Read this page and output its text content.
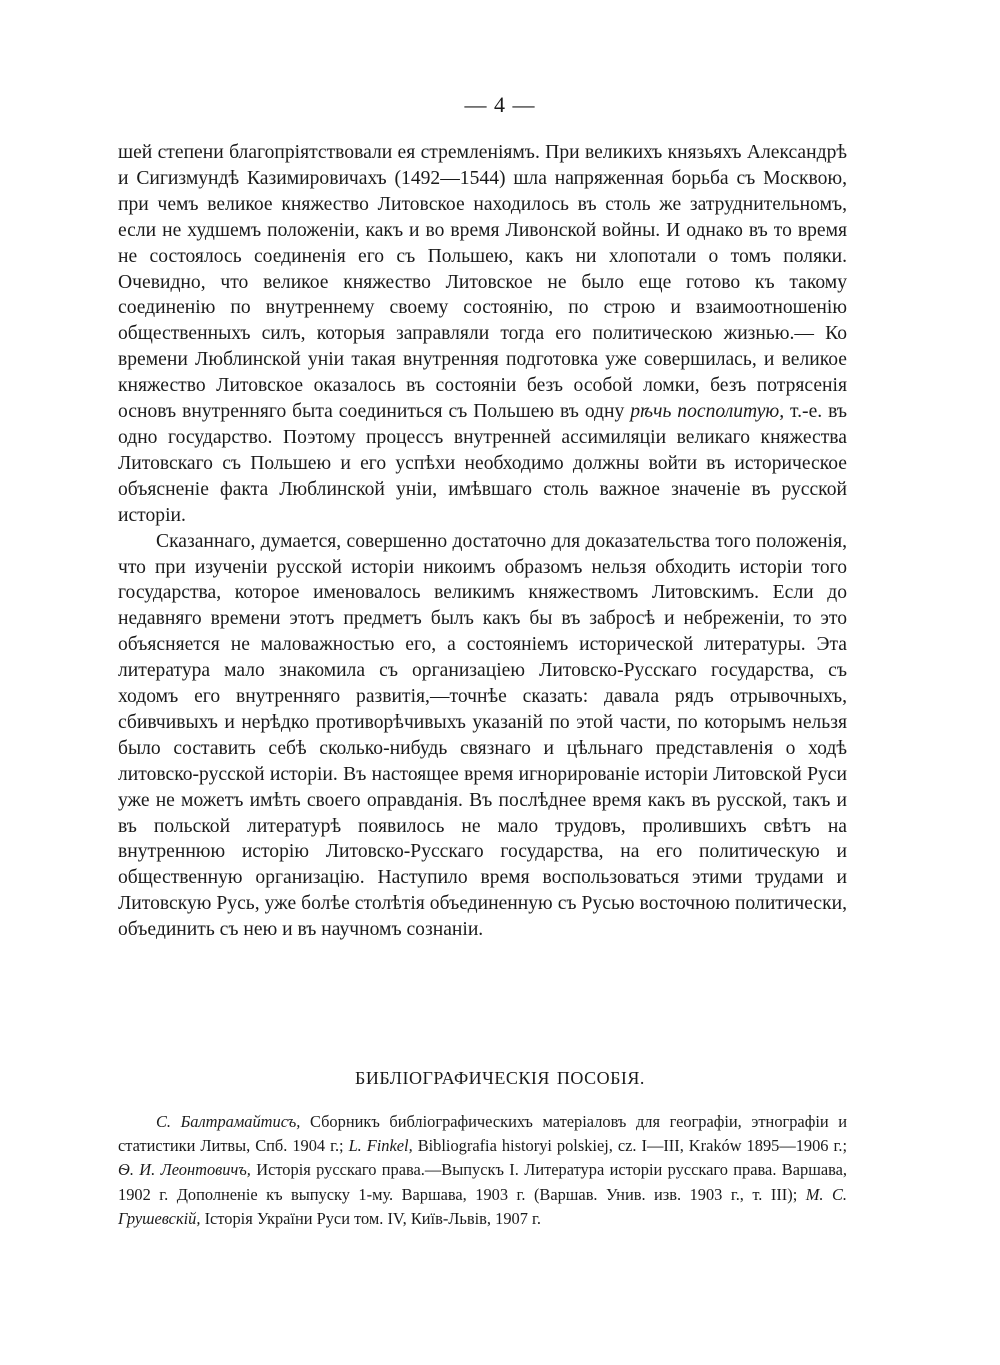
— 4 —

шей степени благопріятствовали ея стремленіямъ. При великихъ князьяхъ Александрѣ и Сигизмундѣ Казимировичахъ (1492—1544) шла напряженная борьба съ Москвою, при чемъ великое княжество Литовское находилось въ столь же затруднительномъ, если не худшемъ положеніи, какъ и во время Ливонской войны. И однако въ то время не состоялось соединенія его съ Польшею, какъ ни хлопотали о томъ поляки. Очевидно, что великое княжество Литовское не было еще готово къ такому соединенію по внутреннему своему состоянію, по строю и взаимоотношенію общественныхъ силъ, которыя заправляли тогда его политическою жизнью.— Ко времени Люблинской уніи такая внутренняя подготовка уже совершилась, и великое княжество Литовское оказалось въ состояніи безъ особой ломки, безъ потрясенія основъ внутренняго быта соединиться съ Польшею въ одну рѣчь посполитую, т.-е. въ одно государство. Поэтому процессъ внутренней ассимиляціи великаго княжества Литовскаго съ Польшею и его успѣхи необходимо должны войти въ историческое объясненіе факта Люблинской уніи, имѣвшаго столь важное значеніе въ русской исторіи.

Сказаннаго, думается, совершенно достаточно для доказательства того положенія, что при изученіи русской исторіи никоимъ образомъ нельзя обходить исторіи того государства, которое именовалось великимъ княжествомъ Литовскимъ. Если до недавняго времени этотъ предметъ былъ какъ бы въ забросѣ и небреженіи, то это объясняется не маловажностью его, а состояніемъ исторической литературы. Эта литература мало знакомила съ организаціею Литовско-Русскаго государства, съ ходомъ его внутренняго развитія,—точнѣе сказать: давала рядъ отрывочныхъ, сбивчивыхъ и нерѣдко противорѣчивыхъ указаній по этой части, по которымъ нельзя было составить себѣ сколько-нибудь связнаго и цѣльнаго представленія о ходѣ литовско-русской исторіи. Въ настоящее время игнорированіе исторіи Литовской Руси уже не можетъ имѣть своего оправданія. Въ послѣднее время какъ въ русской, такъ и въ польской литературѣ появилось не мало трудовъ, пролившихъ свѣтъ на внутреннюю исторію Литовско-Русскаго государства, на его политическую и общественную организацію. Наступило время воспользоваться этими трудами и Литовскую Русь, уже болѣе столѣтія объединенную съ Русью восточною политически, объединить съ нею и въ научномъ сознаніи.

БИБЛІОГРАФИЧЕСКІЯ ПОСОБІЯ.

С. Балтрамайтисъ, Сборникъ библіографическихъ матеріаловъ для географіи, этнографіи и статистики Литвы, Спб. 1904 г.; L. Finkel, Bibliografia historyi polskiej, cz. I—III, Kraków 1895—1906 г.; Ѳ. И. Леонтовичъ, Исторія русскаго права.—Выпускъ I. Литература исторіи русскаго права. Варшава, 1902 г. Дополненіе къ выпуску 1-му. Варшава, 1903 г. (Варшав. Унив. изв. 1903 г., т. III); М. С. Грушевскій, Історія України Руси том. IV, Київ-Львів, 1907 г.
